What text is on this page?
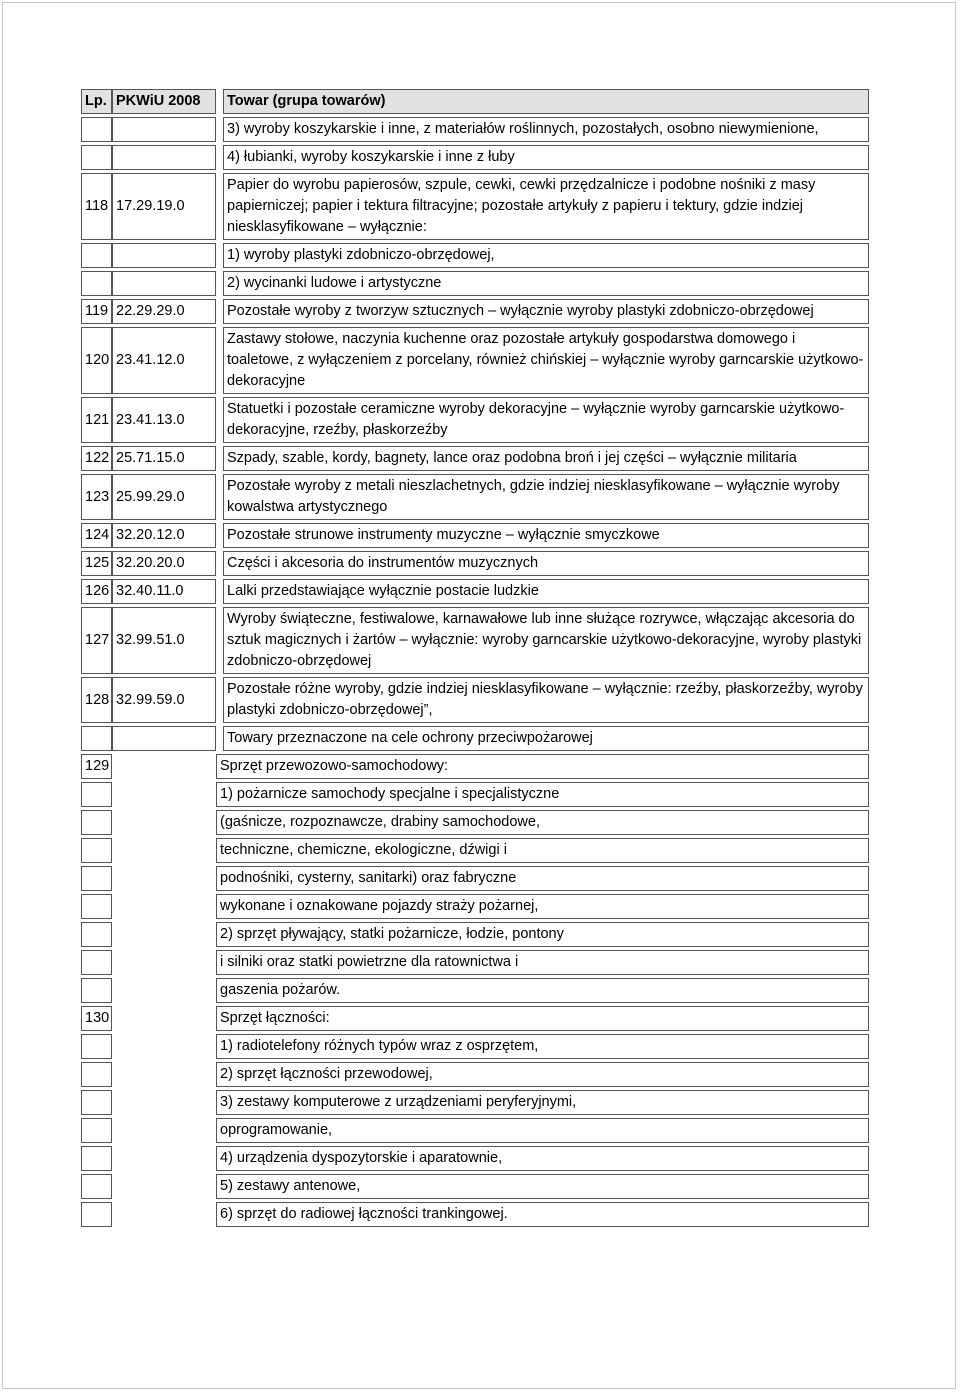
Lp.	PKWiU 2008		Towar (grupa towarów)
			3) wyroby koszykarskie i inne, z materiałów roślinnych, pozostałych, osobno niewymienione,
			4) łubianki, wyroby koszykarskie i inne z łuby
118	17.29.19.0		Papier do wyrobu papierosów, szpule, cewki, cewki przędzalnicze i podobne nośniki z masy papierniczej; papier i tektura filtracyjne; pozostałe artykuły z papieru i tektury, gdzie indziej niesklasyfikowane – wyłącznie:
			1) wyroby plastyki zdobniczo-obrzędowej,
			2) wycinanki ludowe i artystyczne
119	22.29.29.0		Pozostałe wyroby z tworzyw sztucznych – wyłącznie wyroby plastyki zdobniczo-obrzędowej
120	23.41.12.0		Zastawy stołowe, naczynia kuchenne oraz pozostałe artykuły gospodarstwa domowego i toaletowe, z wyłączeniem z porcelany, również chińskiej – wyłącznie wyroby garncarskie użytkowo-dekoracyjne
121	23.41.13.0		Statuetki i pozostałe ceramiczne wyroby dekoracyjne – wyłącznie wyroby garncarskie użytkowo-dekoracyjne, rzeźby, płaskorzeźby
122	25.71.15.0		Szpady, szable, kordy, bagnety, lance oraz podobna broń i jej części – wyłącznie militaria
123	25.99.29.0		Pozostałe wyroby z metali nieszlachetnych, gdzie indziej niesklasyfikowane – wyłącznie wyroby kowalstwa artystycznego
124	32.20.12.0		Pozostałe strunowe instrumenty muzyczne – wyłącznie smyczkowe
125	32.20.20.0		Części i akcesoria do instrumentów muzycznych
126	32.40.11.0		Lalki przedstawiające wyłącznie postacie ludzkie
127	32.99.51.0		Wyroby świąteczne, festiwalowe, karnawałowe lub inne służące rozrywce, włączając akcesoria do sztuk magicznych i żartów – wyłącznie: wyroby garncarskie użytkowo-dekoracyjne, wyroby plastyki zdobniczo-obrzędowej
128	32.99.59.0		Pozostałe różne wyroby, gdzie indziej niesklasyfikowane – wyłącznie: rzeźby, płaskorzeźby, wyroby plastyki zdobniczo-obrzędowej”,
			Towary przeznaczone na cele ochrony przeciwpożarowej
129		Sprzęt przewozowo-samochodowy:	
		1) pożarnicze samochody specjalne i specjalistyczne	
		(gaśnicze, rozpoznawcze, drabiny samochodowe,	
		techniczne, chemiczne, ekologiczne, dźwigi i	
		podnośniki, cysterny, sanitarki) oraz fabryczne	
		wykonane i oznakowane pojazdy straży pożarnej,	
		2) sprzęt pływający, statki pożarnicze, łodzie, pontony	
		i silniki oraz statki powietrzne dla ratownictwa i	
		gaszenia pożarów.	
130		Sprzęt łączności:	
		1) radiotelefony różnych typów wraz z osprzętem,	
		2) sprzęt łączności przewodowej,	
		3) zestawy komputerowe z urządzeniami peryferyjnymi,	
		oprogramowanie,	
		4) urządzenia dyspozytorskie i aparatownie,	
		5) zestawy antenowe,	
		6) sprzęt do radiowej łączności trankingowej.	
